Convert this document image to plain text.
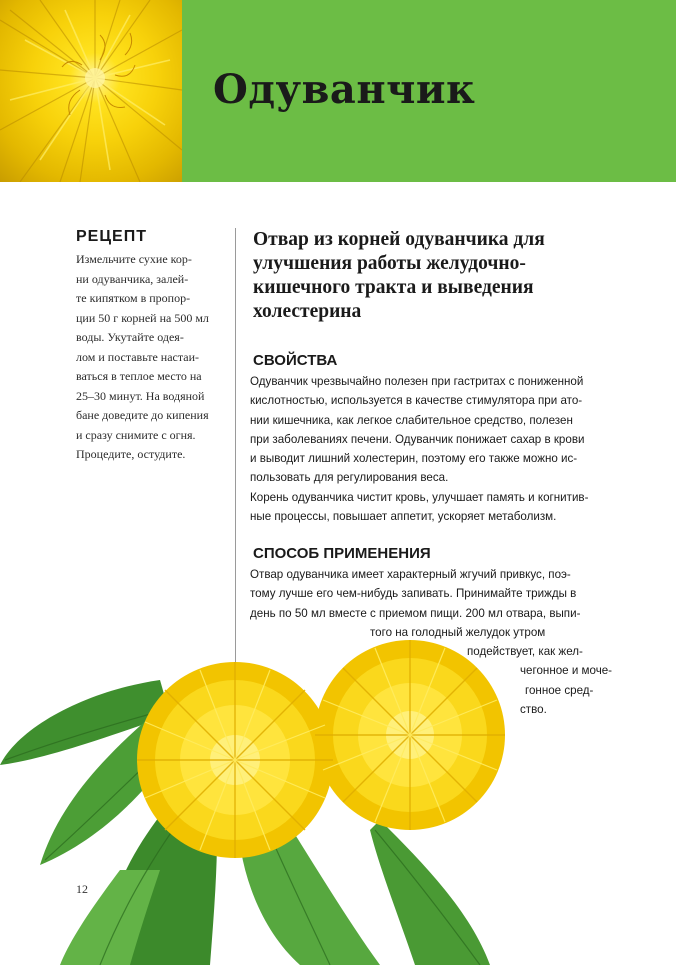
Одуванчик
РЕЦЕПТ

Измельчите сухие кор-
ни одуванчика, залей-
те кипятком в пропор-
ции 50 г корней на 500 мл
воды. Укутайте одея-
лом и поставьте настаи-
ваться в теплое место на
25–30 минут. На водяной
бане доведите до кипения
и сразу снимите с огня.
Процедите, остудите.

Отвар из корней одуванчика для
улучшения работы желудочно-
кишечного тракта и выведения
холестерина
СВОЙСТВА

Одуванчик чрезвычайно полезен при гастритах с пониженной
кислотностью, используется в качестве стимулятора при ато-
нии кишечника, как легкое слабительное средство, полезен
при заболеваниях печени. Одуванчик понижает сахар в крови
и выводит лишний холестерин, поэтому его также можно ис-
пользовать для регулирования веса.
Корень одуванчика чистит кровь, улучшает память и когнитив-
ные процессы, повышает аппетит, ускоряет метаболизм.

СПОСОБ ПРИМЕНЕНИЯ

Отвар одуванчика имеет характерный жгучий привкус, поэ-
тому лучше его чем-нибудь запивать. Принимайте трижды в
день по 50 мл вместе с приемом пищи. 200 мл отвара, выпи-
того на голодный желудок утром
подействует, как жел-
чегонное и моче-
гонное сред-
ство.

12
